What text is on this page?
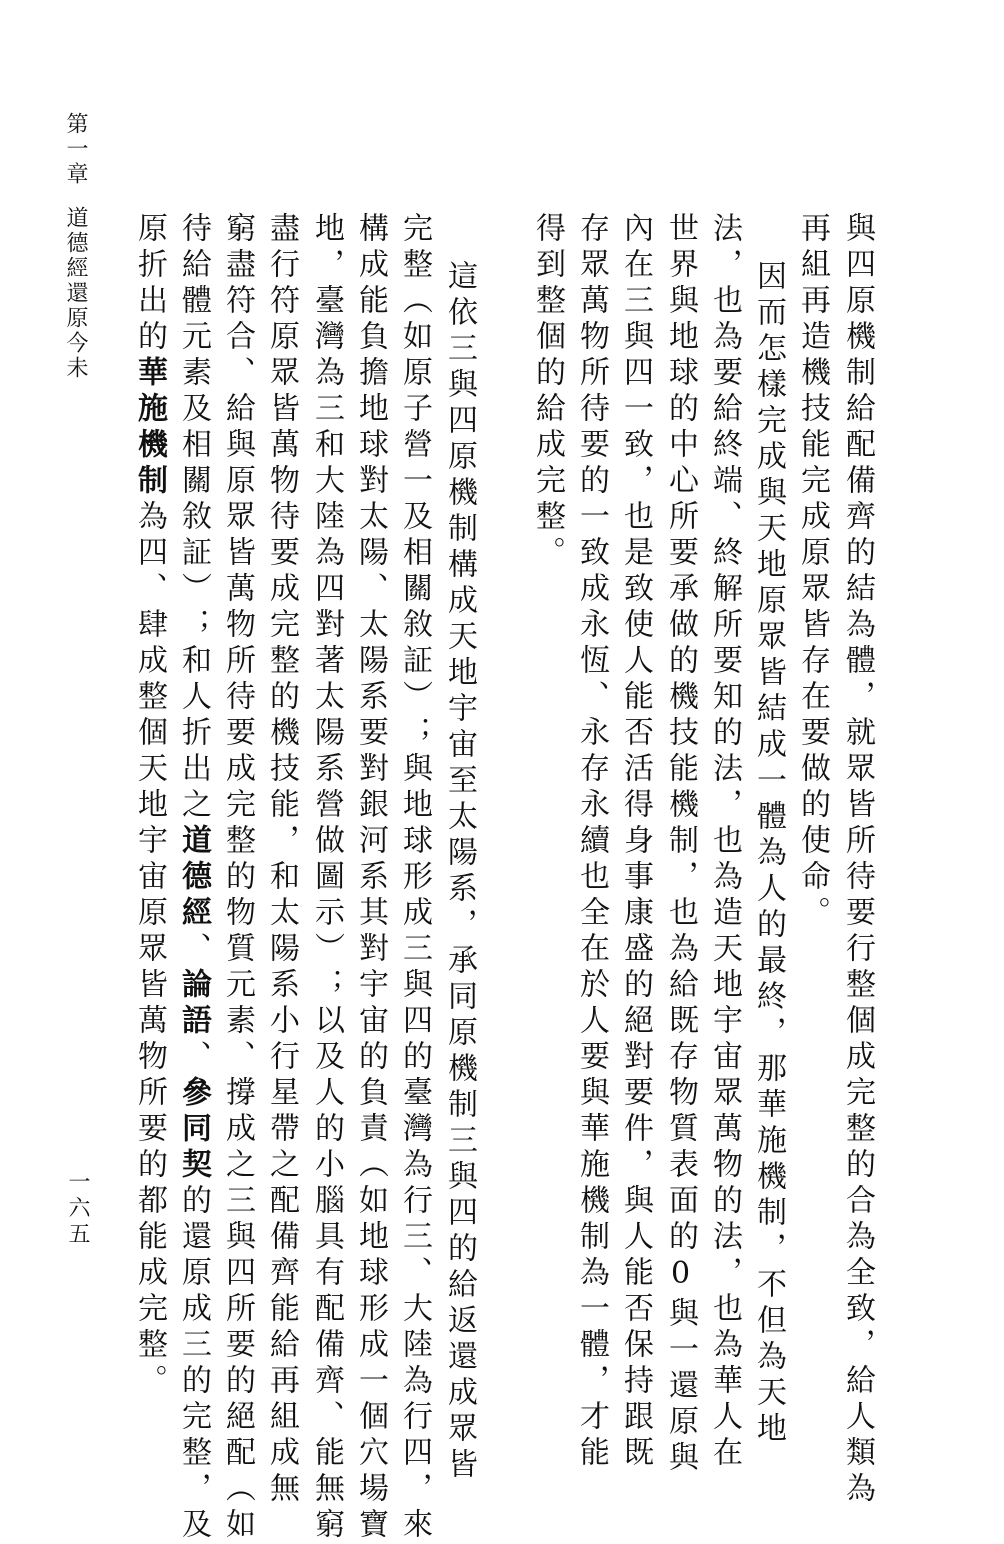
第一章
道德經還原今未
一六五	與四原機制給配備齊的結為體，就眾皆所待要行整個成完整的合為全致，給人類為
再組再造機技能完成原眾皆存在要做的使命。
因而怎樣完成與天地原眾皆結成一體為人的最終，那華施機制，不但為天地
法，也為要給終端、終解所要知的法，也為造天地宇宙眾萬物的法，也為華人在
世界與地球的中心所要承做的機技能機制，也為給既存物質表面的0與一還原與
內在三與四一致，也是致使人能否活得身事康盛的絕對要件，與人能否保持跟既
存眾萬物所待要的一致成永恆、永存永續也全在於人要與華施機制為一體，才能
得到整個的給成完整。
這依三與四原機制構成天地宇宙至太陽系，承同原機制三與四的給返還成眾皆
完整︵如原子營一及相關敘証︶；與地球形成三與四的臺灣為行三、大陸為行四，來
構成能負擔地球對太陽、太陽系要對銀河系其對宇宙的負責︵如地球形成一個穴場寶
地，臺灣為三和大陸為四對著太陽系營做圖示︶；以及人的小腦具有配備齊、能無窮
盡行符原眾皆萬物待要成完整的機技能，和太陽系小行星帶之配備齊能給再組成無
窮盡符合、給與原眾皆萬物所待要成完整的物質元素、撐成之三與四所要的絕配︵如
待給體元素及相關敘証︶；和人折出之道德經、論語、參同契的還原成三的完整，及
原折出的華施機制為四、肆成整個天地宇宙原眾皆萬物所要的都能成完整。
